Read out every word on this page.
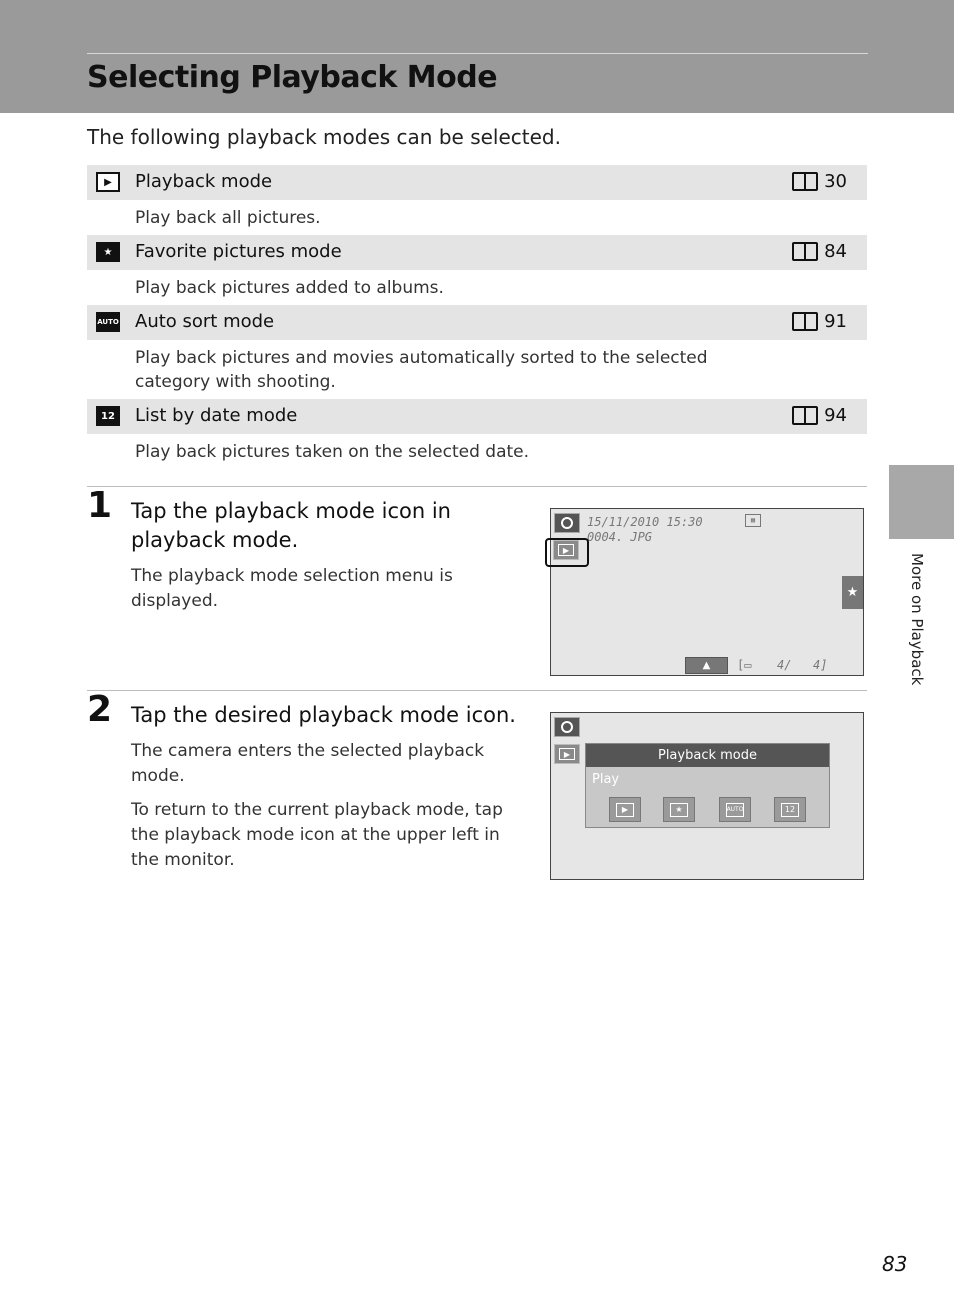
Selecting Playback Mode

The following playback modes can be selected.

▶	Playback mode	30
Play back all pictures.
★	Favorite pictures mode	84
Play back pictures added to albums.
AUTO Auto sort mode	91
Play back pictures and movies automatically sorted to the selected category with shooting.
12 List by date mode	94
Play back pictures taken on the selected date.
1 Tap the playback mode icon in playback mode.
The playback mode selection menu is displayed.
15/11/2010 15:30	▦
0004. JPG
▶
★
▲	[▭ 4/ 4]
2 Tap the desired playback mode icon.
The camera enters the selected playback mode.
To return to the current playback mode, tap the playback mode icon at the upper left in the monitor.
▶	Playback mode
Play
▶	★	AUTO	12
More on Playback
83
